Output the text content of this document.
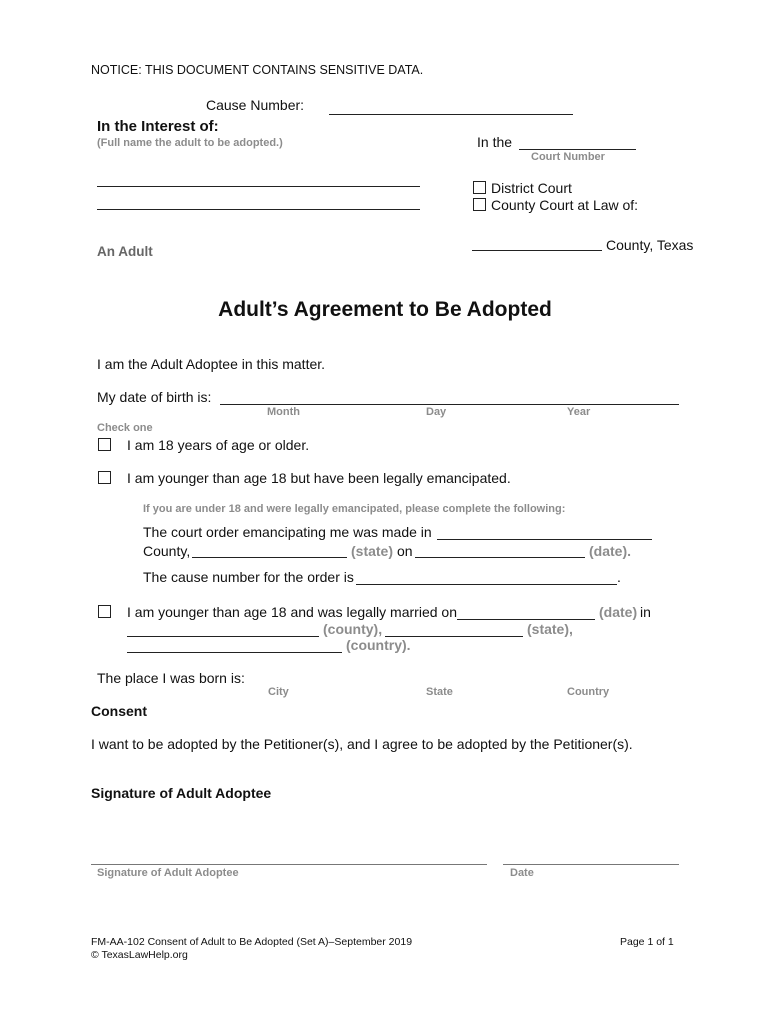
NOTICE: THIS DOCUMENT CONTAINS SENSITIVE DATA.
Cause Number:
In the Interest of:
(Full name the adult to be adopted.)	In the
Court Number
District Court
County Court at Law of:
County, Texas
An Adult
Adult’s Agreement to Be Adopted
I am the Adult Adoptee in this matter.
My date of birth is:
Month	Day	Year
Check one
I am 18 years of age or older.
I am younger than age 18 but have been legally emancipated.
If you are under 18 and were legally emancipated, please complete the following:
The court order emancipating me was made in
County,	(state) on	(date).
The cause number for the order is	.
I am younger than age 18 and was legally married on	(date) in
(county),	(state),
(country).
The place I was born is:
City	State	Country
Consent
I want to be adopted by the Petitioner(s), and I agree to be adopted by the Petitioner(s).
Signature of Adult Adoptee
Signature of Adult Adoptee	Date
FM-AA-102 Consent of Adult to Be Adopted (Set A)–September 2019
© TexasLawHelp.org
Page 1 of 1
